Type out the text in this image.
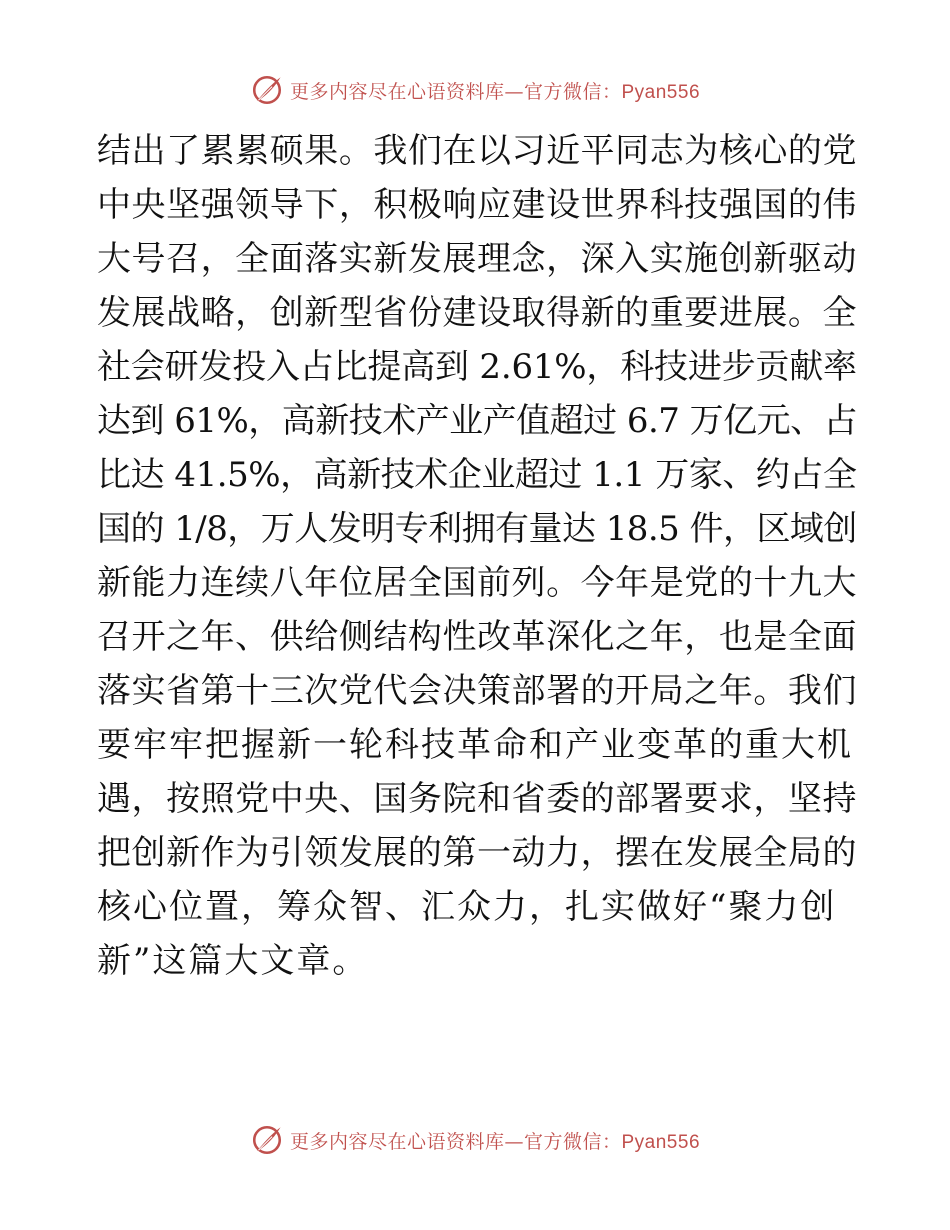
更多内容尽在心语资料库—官方微信：Pyan556
结出了累累硕果。我们在以习近平同志为核心的党
中央坚强领导下，积极响应建设世界科技强国的伟
大号召，全面落实新发展理念，深入实施创新驱动
发展战略，创新型省份建设取得新的重要进展。全
社会研发投入占比提高到 2.61%，科技进步贡献率
达到 61%，高新技术产业产值超过 6.7 万亿元、占
比达 41.5%，高新技术企业超过 1.1 万家、约占全
国的 1/8，万人发明专利拥有量达 18.5 件，区域创
新能力连续八年位居全国前列。今年是党的十九大
召开之年、供给侧结构性改革深化之年，也是全面
落实省第十三次党代会决策部署的开局之年。我们
要牢牢把握新一轮科技革命和产业变革的重大机
遇，按照党中央、国务院和省委的部署要求，坚持
把创新作为引领发展的第一动力，摆在发展全局的
核心位置，筹众智、汇众力，扎实做好“聚力创
新”这篇大文章。
更多内容尽在心语资料库—官方微信：Pyan556
